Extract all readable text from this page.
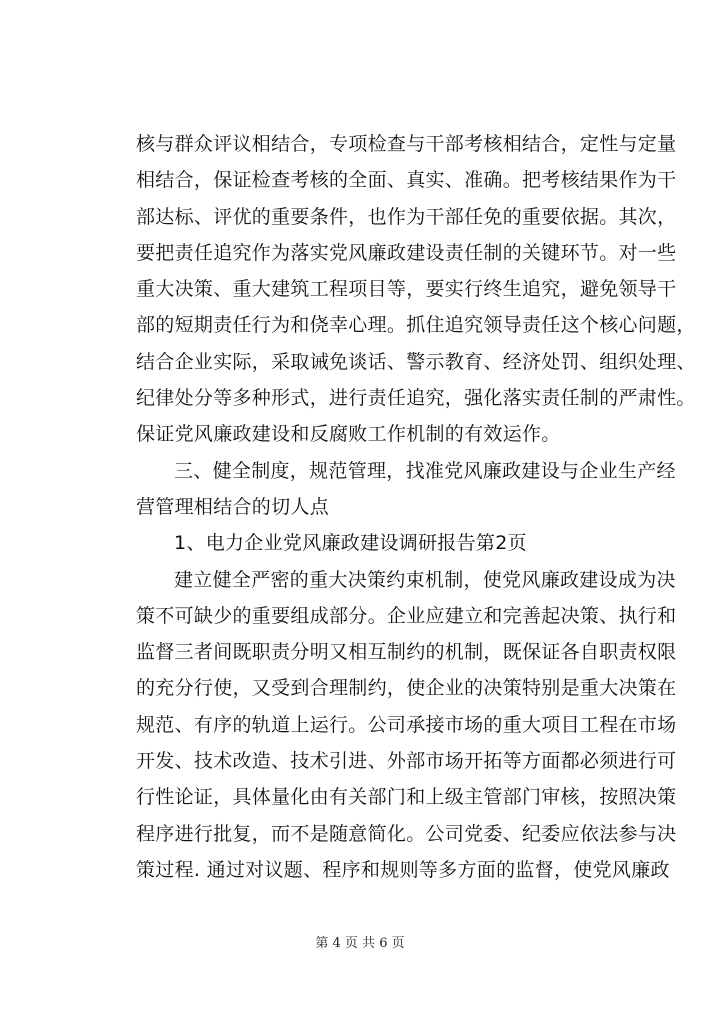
核与群众评议相结合，专项检查与干部考核相结合，定性与定量
相结合，保证检查考核的全面、真实、准确。把考核结果作为干
部达标、评优的重要条件，也作为干部任免的重要依据。其次，
要把责任追究作为落实党风廉政建设责任制的关键环节。对一些
重大决策、重大建筑工程项目等，要实行终生追究，避免领导干
部的短期责任行为和侥幸心理。抓住追究领导责任这个核心问题，
结合企业实际，采取诫免谈话、警示教育、经济处罚、组织处理、
纪律处分等多种形式，进行责任追究，强化落实责任制的严肃性。
保证党风廉政建设和反腐败工作机制的有效运作。
三、健全制度，规范管理，找准党风廉政建设与企业生产经
营管理相结合的切人点
1、电力企业党风廉政建设调研报告第2页
建立健全严密的重大决策约束机制，使党风廉政建设成为决
策不可缺少的重要组成部分。企业应建立和完善起决策、执行和
监督三者间既职责分明又相互制约的机制，既保证各自职责权限
的充分行使，又受到合理制约，使企业的决策特别是重大决策在
规范、有序的轨道上运行。公司承接市场的重大项目工程在市场
开发、技术改造、技术引进、外部市场开拓等方面都必须进行可
行性论证，具体量化由有关部门和上级主管部门审核，按照决策
程序进行批复，而不是随意简化。公司党委、纪委应依法参与决
策过程. 通过对议题、程序和规则等多方面的监督，使党风廉政
第 4 页 共 6 页
